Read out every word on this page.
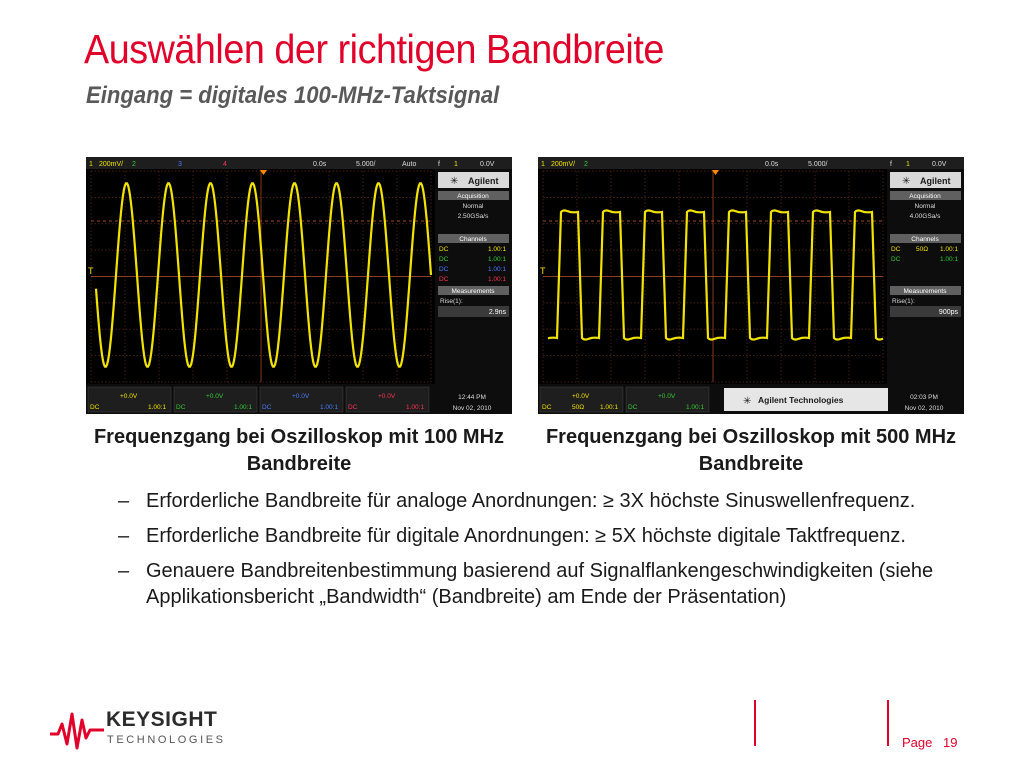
Auswählen der richtigen Bandbreite
Eingang = digitales 100-MHz-Taktsignal
1 200mV/ 2	3	4	0.0s	5.000/	Auto	f 1	0.0V
T
✳ Agilent
Acquisition
Normal
2.50GSa/s
Channels
DC	1.00:1
DC	1.00:1
DC	1.00:1
DC	1.00:1
Measurements
Rise(1):
2.9ns
+0.0V
DC	1.00:1
+0.0V
DC	1.00:1
+0.0V
DC	1.00:1
+0.0V
DC	1.00:1
12:44 PM
Nov 02, 2010
Frequenzgang bei Oszilloskop mit 100 MHz Bandbreite
1 200mV/ 2	0.0s	5.000/	f 1	0.0V
T
✳ Agilent
Acquisition
Normal
4.00GSa/s
Channels
DC 50Ω 1.00:1
DC	1.00:1
Measurements
Rise(1):
900ps
+0.0V
DC	50Ω 1.00:1
+0.0V
DC	1.00:1
✳ Agilent Technologies	02:03 PM
Nov 02, 2010
Frequenzgang bei Oszilloskop mit 500 MHz Bandbreite
– Erforderliche Bandbreite für analoge Anordnungen: ≥ 3X höchste Sinuswellenfrequenz.
– Erforderliche Bandbreite für digitale Anordnungen: ≥ 5X höchste digitale Taktfrequenz.
– Genauere Bandbreitenbestimmung basierend auf Signalflankengeschwindigkeiten (siehe Applikationsbericht „Bandwidth“ (Bandbreite) am Ende der Präsentation)
KEYSIGHT
TECHNOLOGIES	Page 19
